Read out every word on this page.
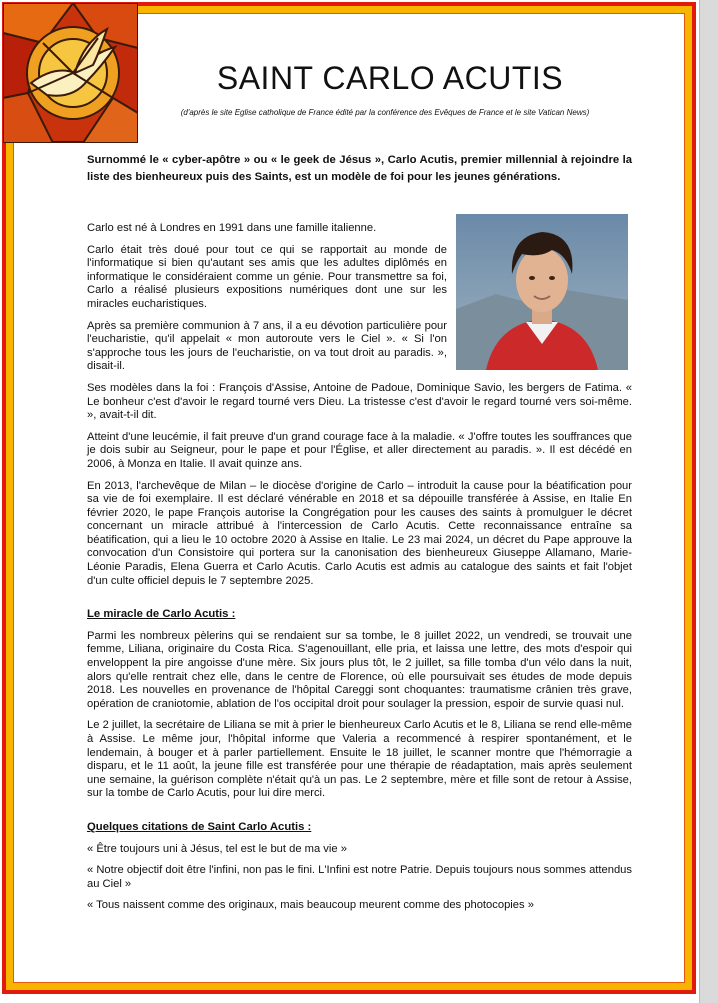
SAINT CARLO ACUTIS
(d'après le site Eglise catholique de France édité par la conférence des Evêques de France et le site Vatican News)

Surnommé le « cyber-apôtre » ou « le geek de Jésus », Carlo Acutis, premier millennial à rejoindre la liste des bienheureux puis des Saints, est un modèle de foi pour les jeunes générations.

Carlo est né à Londres en 1991 dans une famille italienne.

Carlo était très doué pour tout ce qui se rapportait au monde de l'informatique si bien qu'autant ses amis que les adultes diplômés en informatique le considéraient comme un génie. Pour transmettre sa foi, Carlo a réalisé plusieurs expositions numériques dont une sur les miracles eucharistiques.

Après sa première communion à 7 ans, il a eu dévotion particulière pour l'eucharistie, qu'il appelait « mon autoroute vers le Ciel ». « Si l'on s'approche tous les jours de l'eucharistie, on va tout droit au paradis. », disait-il.

Ses modèles dans la foi : François d'Assise, Antoine de Padoue, Dominique Savio, les bergers de Fatima. « Le bonheur c'est d'avoir le regard tourné vers Dieu. La tristesse c'est d'avoir le regard tourné vers soi-même. », avait-t-il dit.

Atteint d'une leucémie, il fait preuve d'un grand courage face à la maladie. « J'offre toutes les souffrances que je dois subir au Seigneur, pour le pape et pour l'Église, et aller directement au paradis. ». Il est décédé en 2006, à Monza en Italie. Il avait quinze ans.

En 2013, l'archevêque de Milan – le diocèse d'origine de Carlo – introduit la cause pour la béatification pour sa vie de foi exemplaire. Il est déclaré vénérable en 2018 et sa dépouille transférée à Assise, en Italie En février 2020, le pape François autorise la Congrégation pour les causes des saints à promulguer le décret concernant un miracle attribué à l'intercession de Carlo Acutis. Cette reconnaissance entraîne sa béatification, qui a lieu le 10 octobre 2020 à Assise en Italie. Le 23 mai 2024, un décret du Pape approuve la convocation d'un Consistoire qui portera sur la canonisation des bienheureux Giuseppe Allamano, Marie-Léonie Paradis, Elena Guerra et Carlo Acutis. Carlo Acutis est admis au catalogue des saints et fait l'objet d'un culte officiel depuis le 7 septembre 2025.

Le miracle de Carlo Acutis :

Parmi les nombreux pèlerins qui se rendaient sur sa tombe, le 8 juillet 2022, un vendredi, se trouvait une femme, Liliana, originaire du Costa Rica. S'agenouillant, elle pria, et laissa une lettre, des mots d'espoir qui enveloppent la pire angoisse d'une mère. Six jours plus tôt, le 2 juillet, sa fille tomba d'un vélo dans la nuit, alors qu'elle rentrait chez elle, dans le centre de Florence, où elle poursuivait ses études de mode depuis 2018. Les nouvelles en provenance de l'hôpital Careggi sont choquantes: traumatisme crânien très grave, opération de craniotomie, ablation de l'os occipital droit pour soulager la pression, espoir de survie quasi nul.

Le 2 juillet, la secrétaire de Liliana se mit à prier le bienheureux Carlo Acutis et le 8, Liliana se rend elle-même à Assise. Le même jour, l'hôpital informe que Valeria a recommencé à respirer spontanément, et le lendemain, à bouger et à parler partiellement. Ensuite le 18 juillet, le scanner montre que l'hémorragie a disparu, et le 11 août, la jeune fille est transférée pour une thérapie de réadaptation, mais après seulement une semaine, la guérison complète n'était qu'à un pas. Le 2 septembre, mère et fille sont de retour à Assise, sur la tombe de Carlo Acutis, pour lui dire merci.

Quelques citations de Saint Carlo Acutis :

« Être toujours uni à Jésus, tel est le but de ma vie »

« Notre objectif doit être l'infini, non pas le fini. L'Infini est notre Patrie. Depuis toujours nous sommes attendus au Ciel »

« Tous naissent comme des originaux, mais beaucoup meurent comme des photocopies »
